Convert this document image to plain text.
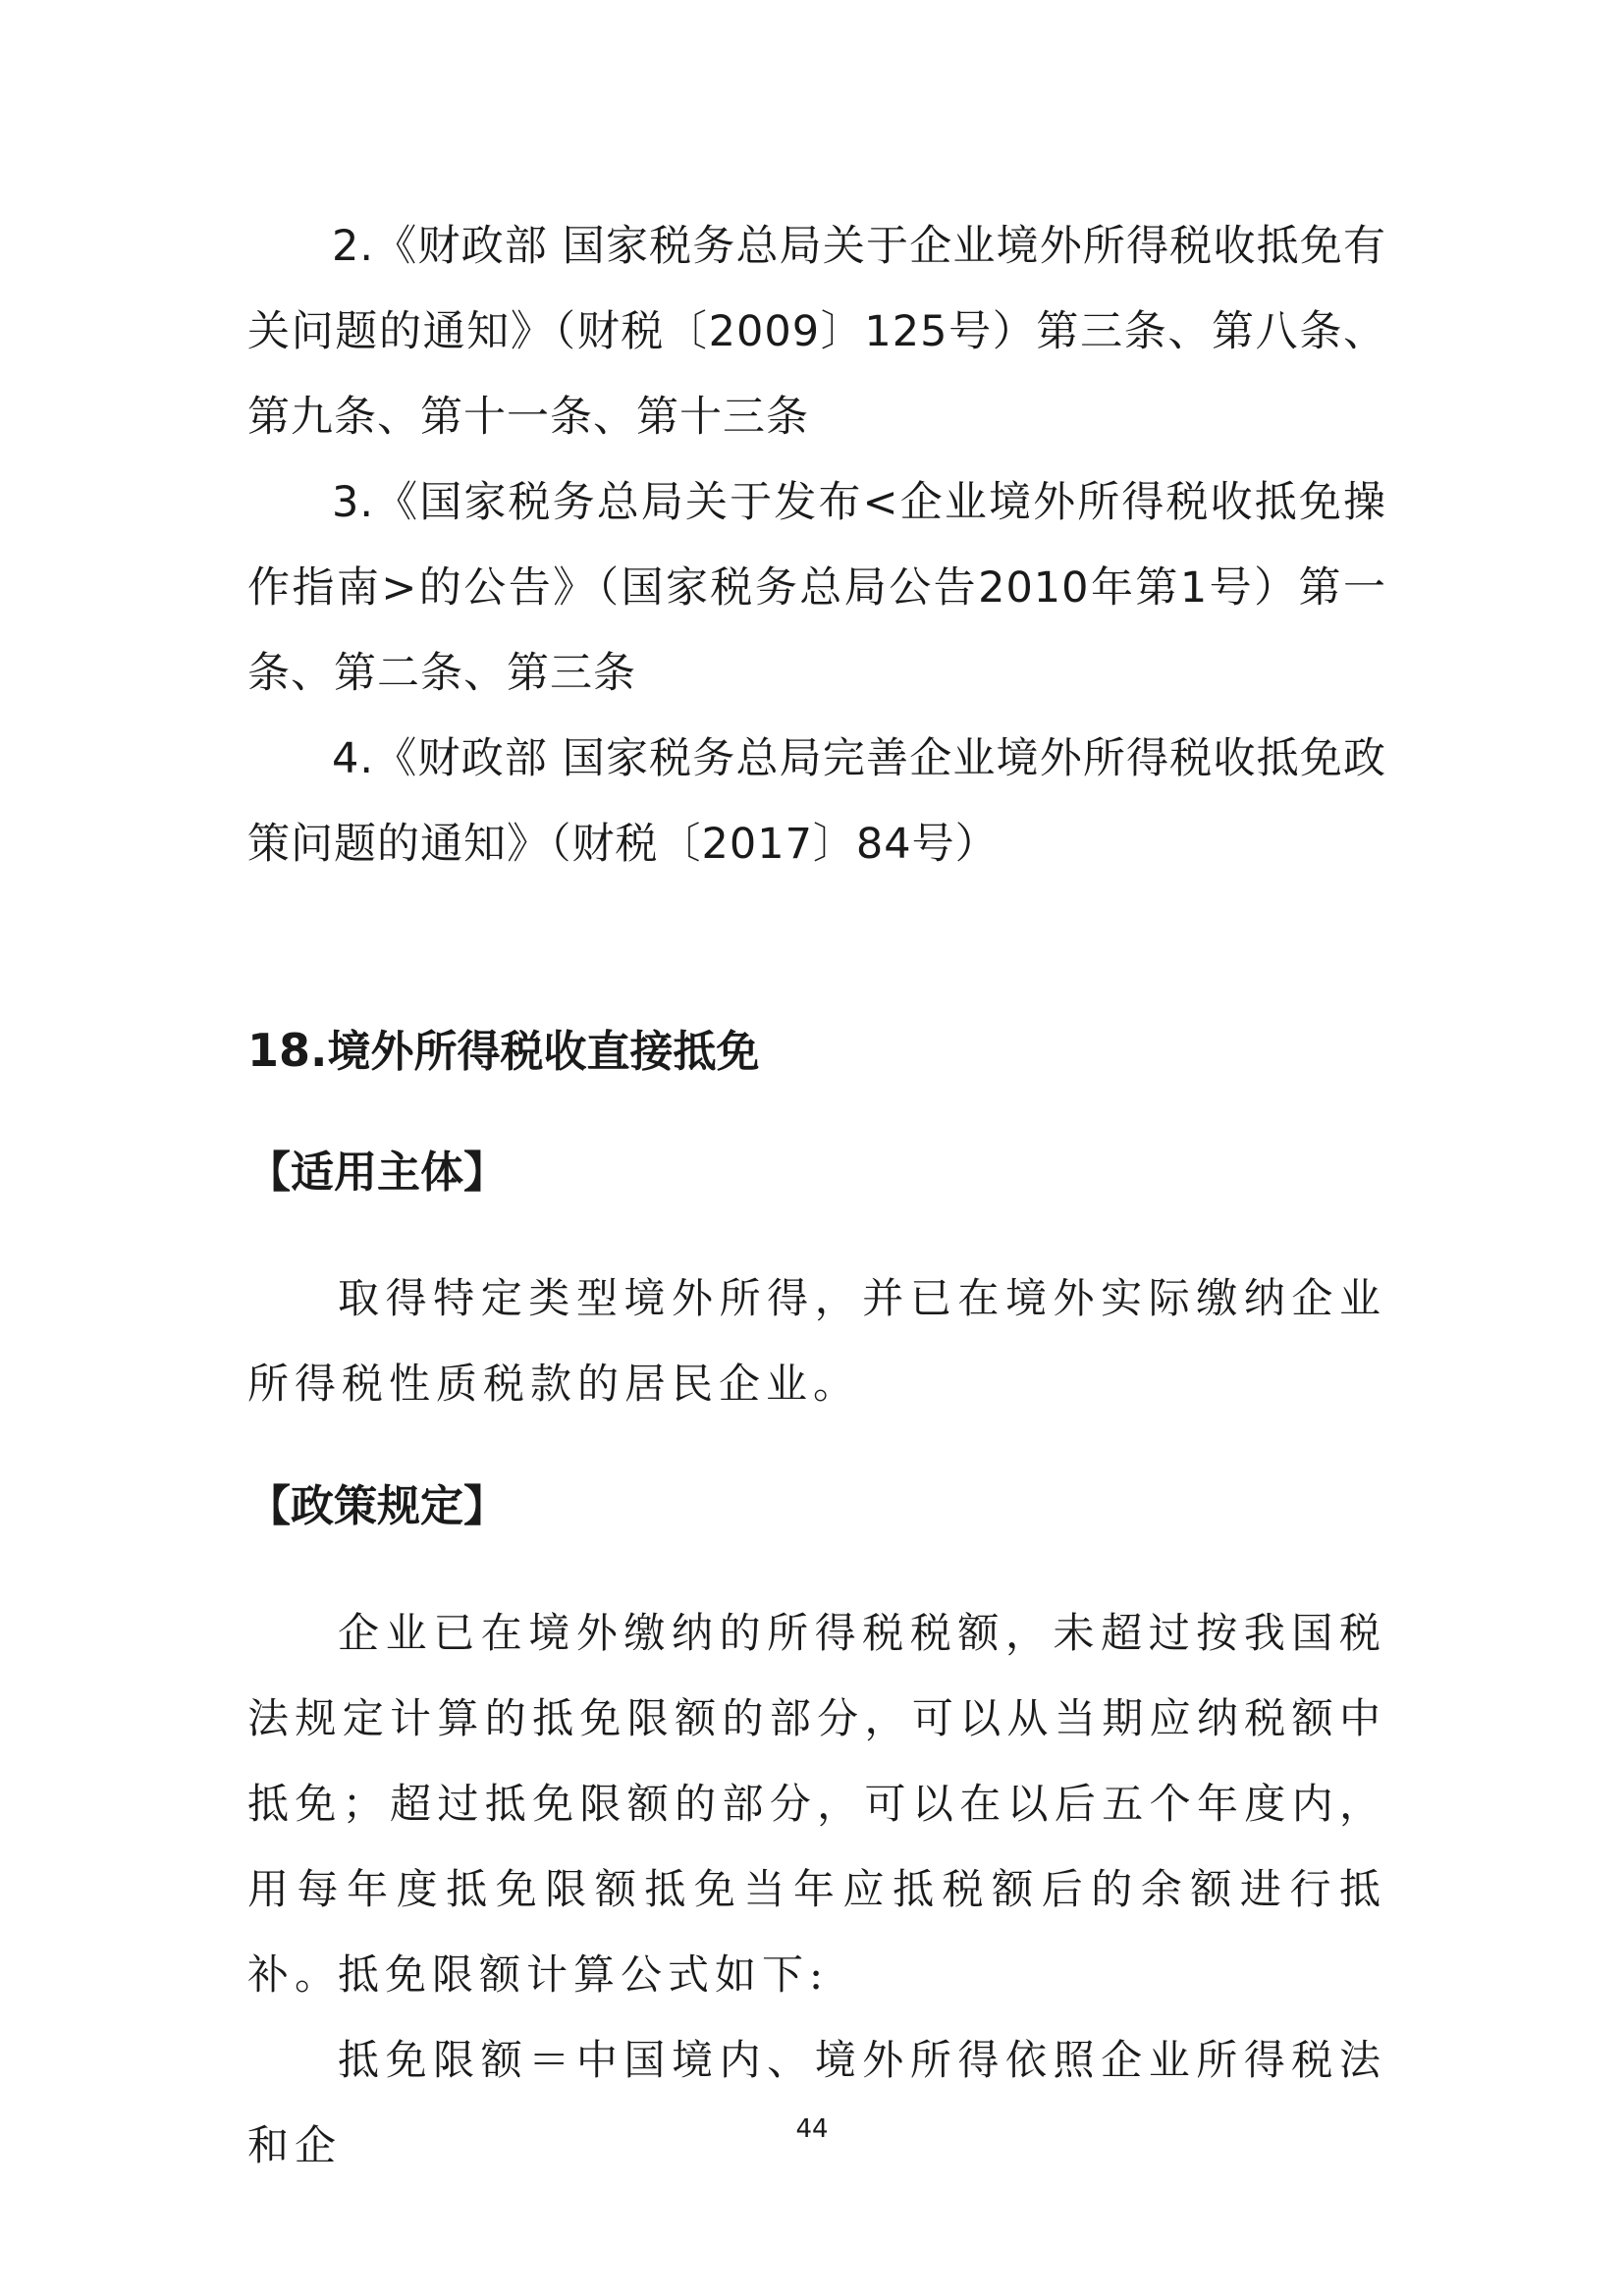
2.《财政部 国家税务总局关于企业境外所得税收抵免有关问题的通知》（财税〔2009〕125号）第三条、第八条、第九条、第十一条、第十三条

3.《国家税务总局关于发布<企业境外所得税收抵免操作指南>的公告》（国家税务总局公告2010年第1号）第一条、第二条、第三条

4.《财政部 国家税务总局完善企业境外所得税收抵免政策问题的通知》（财税〔2017〕84号）

18.境外所得税收直接抵免
【适用主体】

取得特定类型境外所得，并已在境外实际缴纳企业所得税性质税款的居民企业。

【政策规定】

企业已在境外缴纳的所得税税额，未超过按我国税法规定计算的抵免限额的部分，可以从当期应纳税额中抵免；超过抵免限额的部分，可以在以后五个年度内，用每年度抵免限额抵免当年应抵税额后的余额进行抵补。

抵免限额计算公式如下:

抵免限额＝中国境内、境外所得依照企业所得税法和企	44
